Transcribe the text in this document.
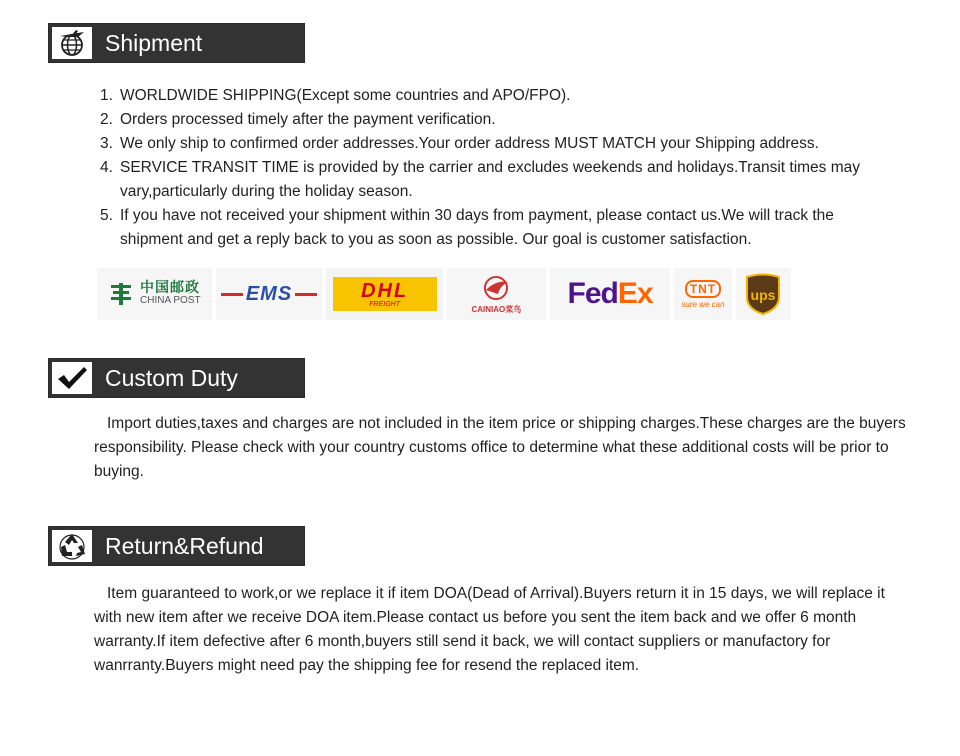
Shipment
1. WORLDWIDE SHIPPING(Except some countries and APO/FPO).
2. Orders processed timely after the payment verification.
3. We only ship to confirmed order addresses.Your order address MUST MATCH your Shipping address.
4. SERVICE TRANSIT TIME is provided by the carrier and excludes weekends and holidays.Transit times may vary,particularly during the holiday season.
5. If you have not received your shipment within 30 days from payment, please contact us.We will track the shipment and get a reply back to you as soon as possible. Our goal is customer satisfaction.
中国邮政
CHINA POST EMS	DHL
FREIGHT
CAINIAO菜鸟 Fed Ex	TNT
sure we can
ups
Custom Duty

Import duties,taxes and charges are not included in the item price or shipping charges.These charges are the buyers responsibility. Please check with your country customs office to determine what these additional costs will be prior to buying.

Return&Refund

Item guaranteed to work,or we replace it if item DOA(Dead of Arrival).Buyers return it in 15 days, we will replace it with new item after we receive DOA item.Please contact us before you sent the item back and we offer 6 month warranty.If item defective after 6 month,buyers still send it back, we will contact suppliers or manufactory for wanrranty.Buyers might need pay the shipping fee for resend the replaced item.
